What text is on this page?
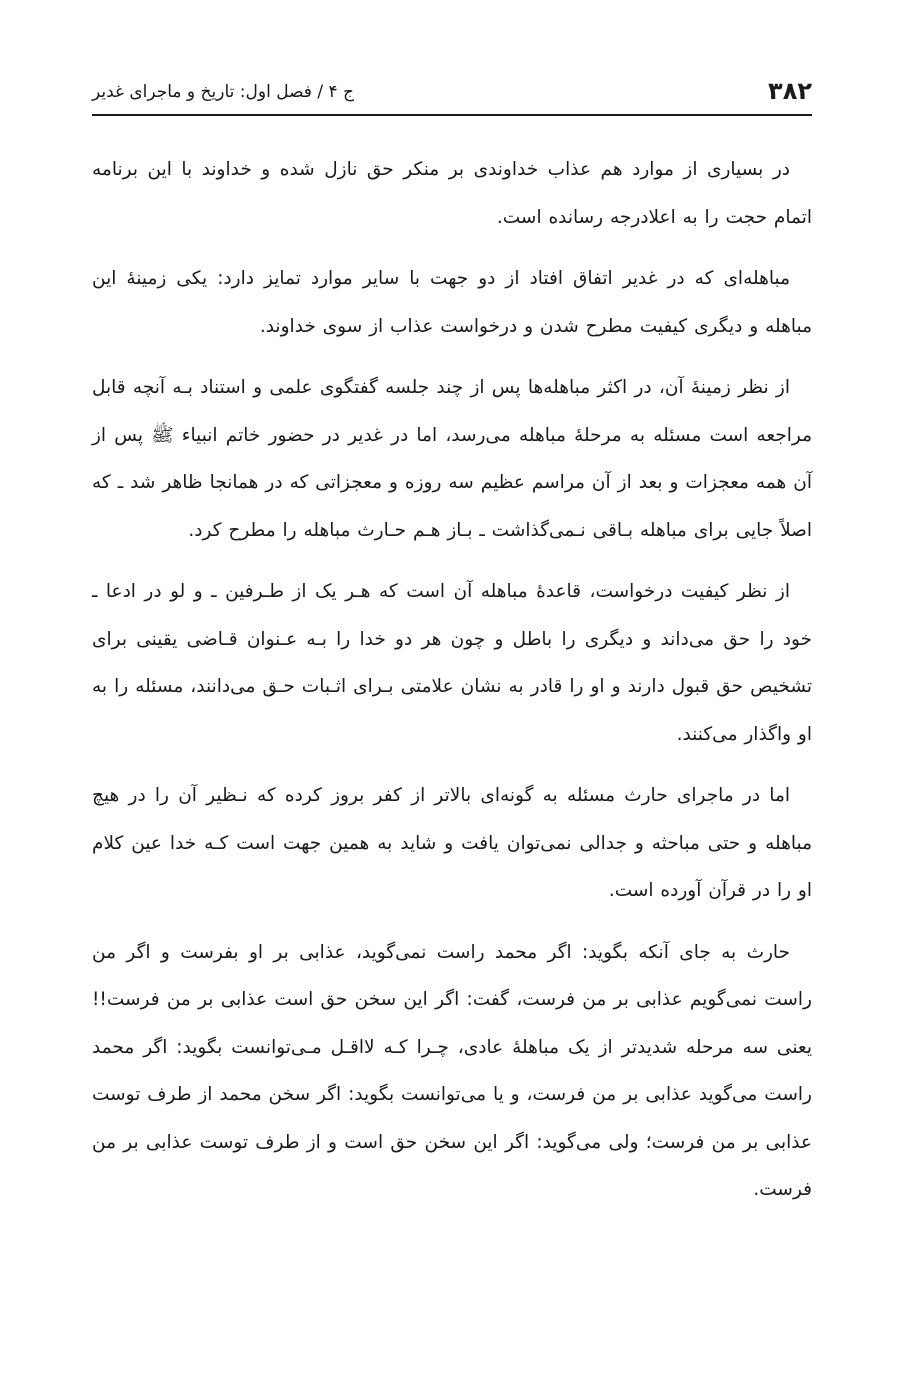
۳۸۲
ج ۴ / فصل اول: تاریخ و ماجرای غدیر

در بسیاری از موارد هم عذاب خداوندی بر منکر حق نازل شده و خداوند با این برنامه اتمام حجت را به اعلادرجه رسانده است.

مباهله‌ای که در غدیر اتفاق افتاد از دو جهت با سایر موارد تمایز دارد: یکی زمینهٔ این مباهله و دیگری کیفیت مطرح شدن و درخواست عذاب از سوی خداوند.

از نظر زمینهٔ آن، در اکثر مباهله‌ها پس از چند جلسه گفتگوی علمی و استناد بـه آنچه قابل مراجعه است مسئله به مرحلهٔ مباهله می‌رسد، اما در غدیر در حضور خاتم انبیاء ﷺ پس از آن همه معجزات و بعد از آن مراسم عظیم سه روزه و معجزاتی که در همانجا ظاهر شد ـ که اصلاً جایی برای مباهله بـاقی نـمی‌گذاشت ـ بـاز هـم حـارث مباهله را مطرح کرد.

از نظر کیفیت درخواست، قاعدهٔ مباهله آن است که هـر یک از طـرفین ـ و لو در ادعا ـ خود را حق می‌داند و دیگری را باطل و چون هر دو خدا را بـه عـنوان قـاضی یقینی برای تشخیص حق قبول دارند و او را قادر به نشان علامتی بـرای اثـبات حـق می‌دانند، مسئله را به او واگذار می‌کنند.

اما در ماجرای حارث مسئله به گونه‌ای بالاتر از کفر بروز کرده که نـظیر آن را در هیچ مباهله و حتی مباحثه و جدالی نمی‌توان یافت و شاید به همین جهت است کـه خدا عین کلام او را در قرآن آورده است.

حارث به جای آنکه بگوید: اگر محمد راست نمی‌گوید، عذابی بر او بفرست و اگر من راست نمی‌گویم عذابی بر من فرست، گفت: اگر این سخن حق است عذابی بر من فرست!! یعنی سه مرحله شدیدتر از یک مباهلهٔ عادی، چـرا کـه لااقـل مـی‌توانست بگوید: اگر محمد راست می‌گوید عذابی بر من فرست، و یا می‌توانست بگوید: اگر سخن محمد از طرف توست عذابی بر من فرست؛ ولی می‌گوید: اگر این سخن حق است و از طرف توست عذابی بر من فرست.
